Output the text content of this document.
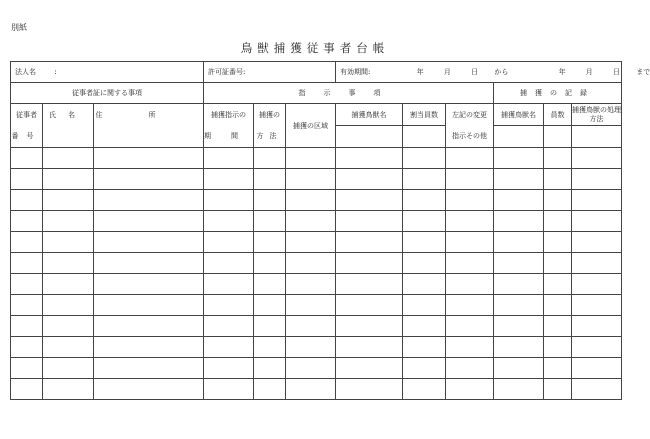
別紙
鳥獣捕獲従事者台帳
法人名 :			許可証番号:			有効期間: 年 月 日 から 年 月 日 まで					
従事者証に関する事項			指示事項						捕獲の記録		
従事者	氏名	住所	捕獲指示の	捕獲の	捕獲の区域	捕獲鳥獣名	割当員数	左記の変更	捕獲鳥獣名	員数	捕獲鳥獣の処理方法
番号			期間	方法				指示その他			
